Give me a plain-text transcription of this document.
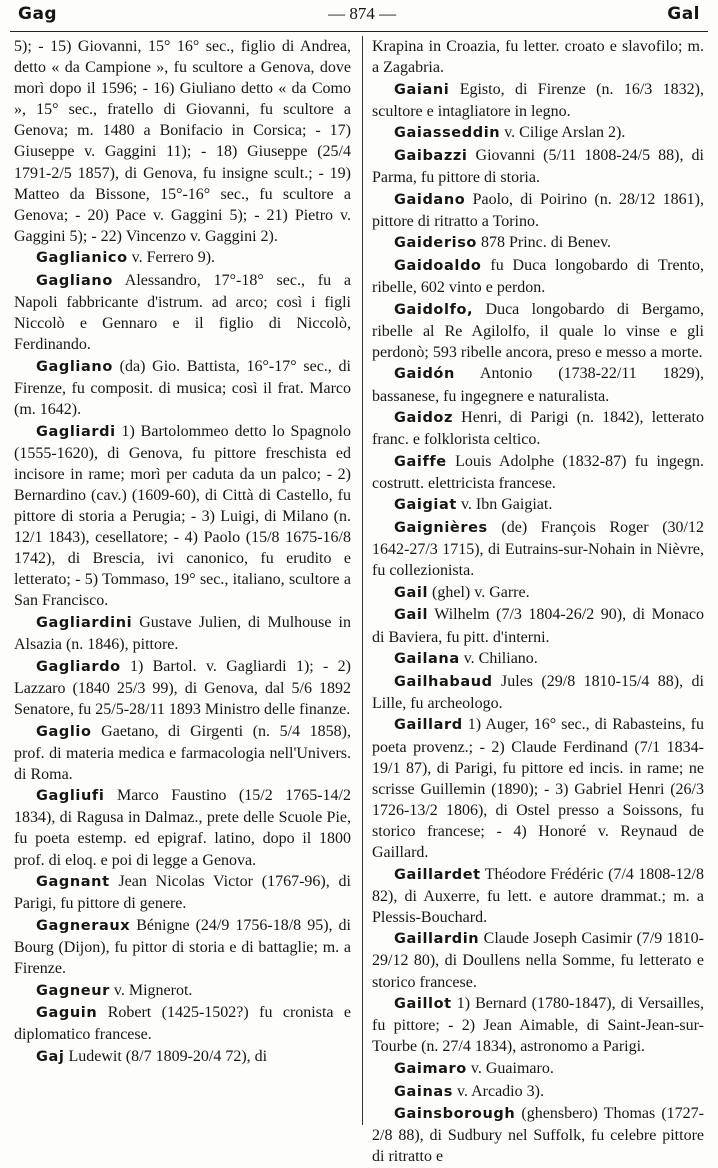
Gag	— 874 —	Gal

5); - 15) Giovanni, 15° 16° sec., figlio di Andrea, detto « da Campione », fu scultore a Genova, dove morì dopo il 1596; - 16) Giuliano detto « da Como », 15° sec., fratello di Giovanni, fu scultore a Genova; m. 1480 a Bonifacio in Corsica; - 17) Giuseppe v. Gaggini 11); - 18) Giuseppe (25/4 1791-2/5 1857), di Genova, fu insigne scult.; - 19) Matteo da Bissone, 15°-16° sec., fu scultore a Genova; - 20) Pace v. Gaggini 5); - 21) Pietro v. Gaggini 5); - 22) Vincenzo v. Gaggini 2).

Gaglianico v. Ferrero 9).

Gagliano Alessandro, 17°-18° sec., fu a Napoli fabbricante d'istrum. ad arco; così i figli Niccolò e Gennaro e il figlio di Niccolò, Ferdinando.

Gagliano (da) Gio. Battista, 16°-17° sec., di Firenze, fu composit. di musica; così il frat. Marco (m. 1642).

Gagliardi 1) Bartolommeo detto lo Spagnolo (1555-1620), di Genova, fu pittore freschista ed incisore in rame; morì per caduta da un palco; - 2) Bernardino (cav.) (1609-60), di Città di Castello, fu pittore di storia a Perugia; - 3) Luigi, di Milano (n. 12/1 1843), cesellatore; - 4) Paolo (15/8 1675-16/8 1742), di Brescia, ivi canonico, fu erudito e letterato; - 5) Tommaso, 19° sec., italiano, scultore a San Francisco.

Gagliardini Gustave Julien, di Mulhouse in Alsazia (n. 1846), pittore.

Gagliardo 1) Bartol. v. Gagliardi 1); - 2) Lazzaro (1840 25/3 99), di Genova, dal 5/6 1892 Senatore, fu 25/5-28/11 1893 Ministro delle finanze.

Gaglio Gaetano, di Girgenti (n. 5/4 1858), prof. di materia medica e farmacologia nell'Univers. di Roma.

Gagliufi Marco Faustino (15/2 1765-14/2 1834), di Ragusa in Dalmaz., prete delle Scuole Pie, fu poeta estemp. ed epigraf. latino, dopo il 1800 prof. di eloq. e poi di legge a Genova.

Gagnant Jean Nicolas Victor (1767-96), di Parigi, fu pittore di genere.

Gagneraux Bénigne (24/9 1756-18/8 95), di Bourg (Dijon), fu pittor di storia e di battaglie; m. a Firenze.

Gagneur v. Mignerot.

Gaguin Robert (1425-1502?) fu cronista e diplomatico francese.

Gaj Ludewit (8/7 1809-20/4 72), di

Krapina in Croazia, fu letter. croato e slavofilo; m. a Zagabria.

Gaiani Egisto, di Firenze (n. 16/3 1832), scultore e intagliatore in legno.

Gaiasseddin v. Cilige Arslan 2).

Gaibazzi Giovanni (5/11 1808-24/5 88), di Parma, fu pittore di storia.

Gaidano Paolo, di Poirino (n. 28/12 1861), pittore di ritratto a Torino.

Gaideriso 878 Princ. di Benev.

Gaidoaldo fu Duca longobardo di Trento, ribelle, 602 vinto e perdon.

Gaidolfo, Duca longobardo di Bergamo, ribelle al Re Agilolfo, il quale lo vinse e gli perdonò; 593 ribelle ancora, preso e messo a morte.

Gaidón Antonio (1738-22/11 1829), bassanese, fu ingegnere e naturalista.

Gaidoz Henri, di Parigi (n. 1842), letterato franc. e folklorista celtico.

Gaiffe Louis Adolphe (1832-87) fu ingegn. costrutt. elettricista francese.

Gaigiat v. Ibn Gaigiat.

Gaignières (de) François Roger (30/12 1642-27/3 1715), di Eutrains-sur-Nohain in Nièvre, fu collezionista.

Gail (ghel) v. Garre.

Gail Wilhelm (7/3 1804-26/2 90), di Monaco di Baviera, fu pitt. d'interni.

Gailana v. Chiliano.

Gailhabaud Jules (29/8 1810-15/4 88), di Lille, fu archeologo.

Gaillard 1) Auger, 16° sec., di Rabasteins, fu poeta provenz.; - 2) Claude Ferdinand (7/1 1834-19/1 87), di Parigi, fu pittore ed incis. in rame; ne scrisse Guillemin (1890); - 3) Gabriel Henri (26/3 1726-13/2 1806), di Ostel presso a Soissons, fu storico francese; - 4) Honoré v. Reynaud de Gaillard.

Gaillardet Théodore Frédéric (7/4 1808-12/8 82), di Auxerre, fu lett. e autore drammat.; m. a Plessis-Bouchard.

Gaillardin Claude Joseph Casimir (7/9 1810-29/12 80), di Doullens nella Somme, fu letterato e storico francese.

Gaillot 1) Bernard (1780-1847), di Versailles, fu pittore; - 2) Jean Aimable, di Saint-Jean-sur-Tourbe (n. 27/4 1834), astronomo a Parigi.

Gaimaro v. Guaimaro.

Gainas v. Arcadio 3).

Gainsborough (ghensbero) Thomas (1727-2/8 88), di Sudbury nel Suffolk, fu celebre pittore di ritratto e
